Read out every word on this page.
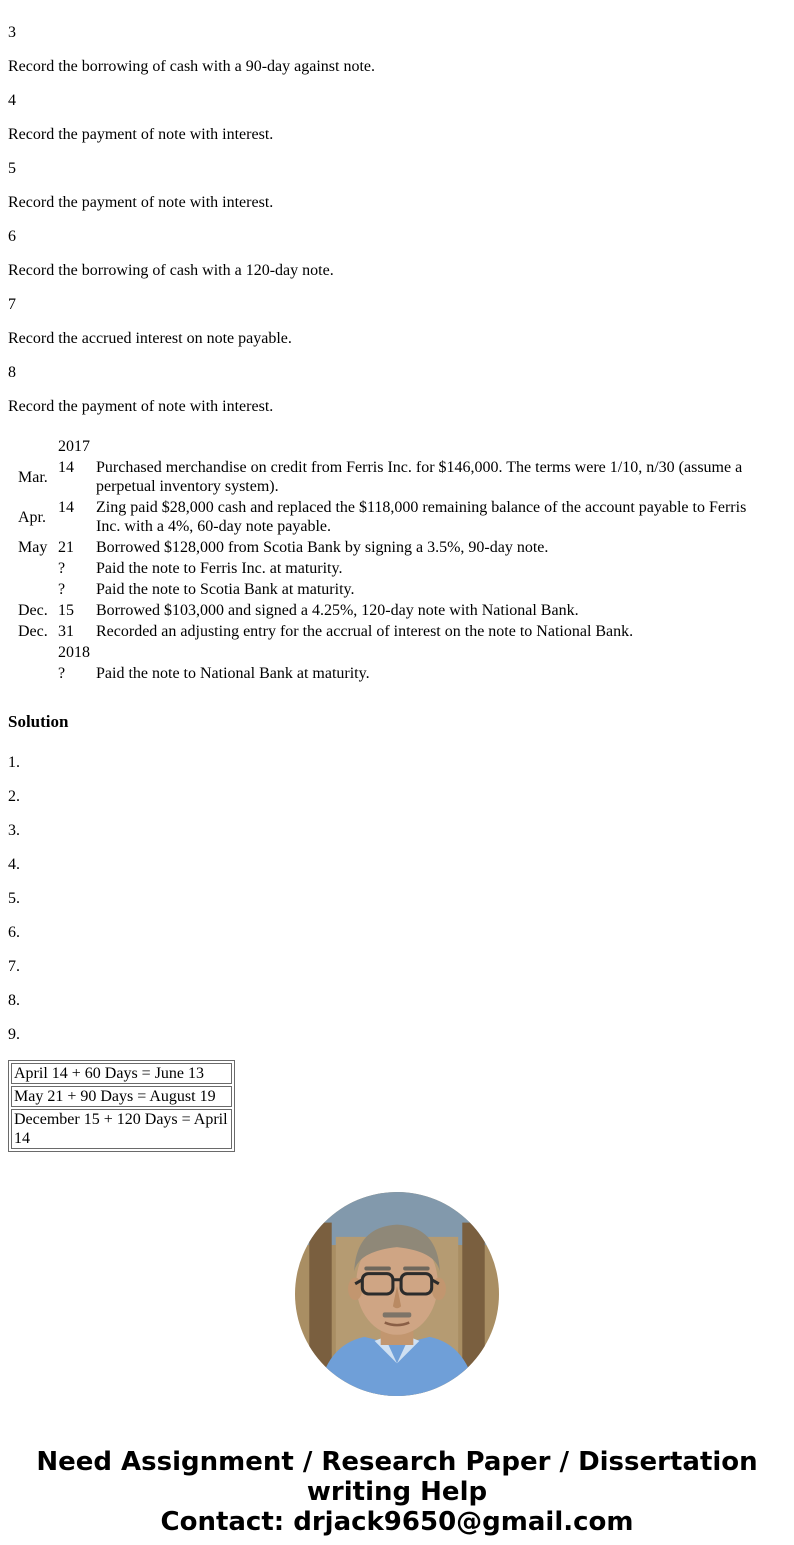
3

Record the borrowing of cash with a 90-day against note.

4

Record the payment of note with interest.

5

Record the payment of note with interest.

6

Record the borrowing of cash with a 120-day note.

7

Record the accrued interest on note payable.

8

Record the payment of note with interest.

	2017	
Mar.	14	Purchased merchandise on credit from Ferris Inc. for $146,000. The terms were 1/10, n/30 (assume a perpetual inventory system).
Apr.	14	Zing paid $28,000 cash and replaced the $118,000 remaining balance of the account payable to Ferris Inc. with a 4%, 60-day note payable.
May	21	Borrowed $128,000 from Scotia Bank by signing a 3.5%, 90-day note.
	?	Paid the note to Ferris Inc. at maturity.
	?	Paid the note to Scotia Bank at maturity.
Dec.	15	Borrowed $103,000 and signed a 4.25%, 120-day note with National Bank.
Dec.	31	Recorded an adjusting entry for the accrual of interest on the note to National Bank.
	2018	
	?	Paid the note to National Bank at maturity.

Solution

1.

2.

3.

4.

5.

6.

7.

8.

9.

April 14 + 60 Days = June 13
May 21 + 90 Days = August 19
December 15 + 120 Days = April 14
Need Assignment / Research Paper / Dissertation writing Help
Contact: drjack9650@gmail.com
